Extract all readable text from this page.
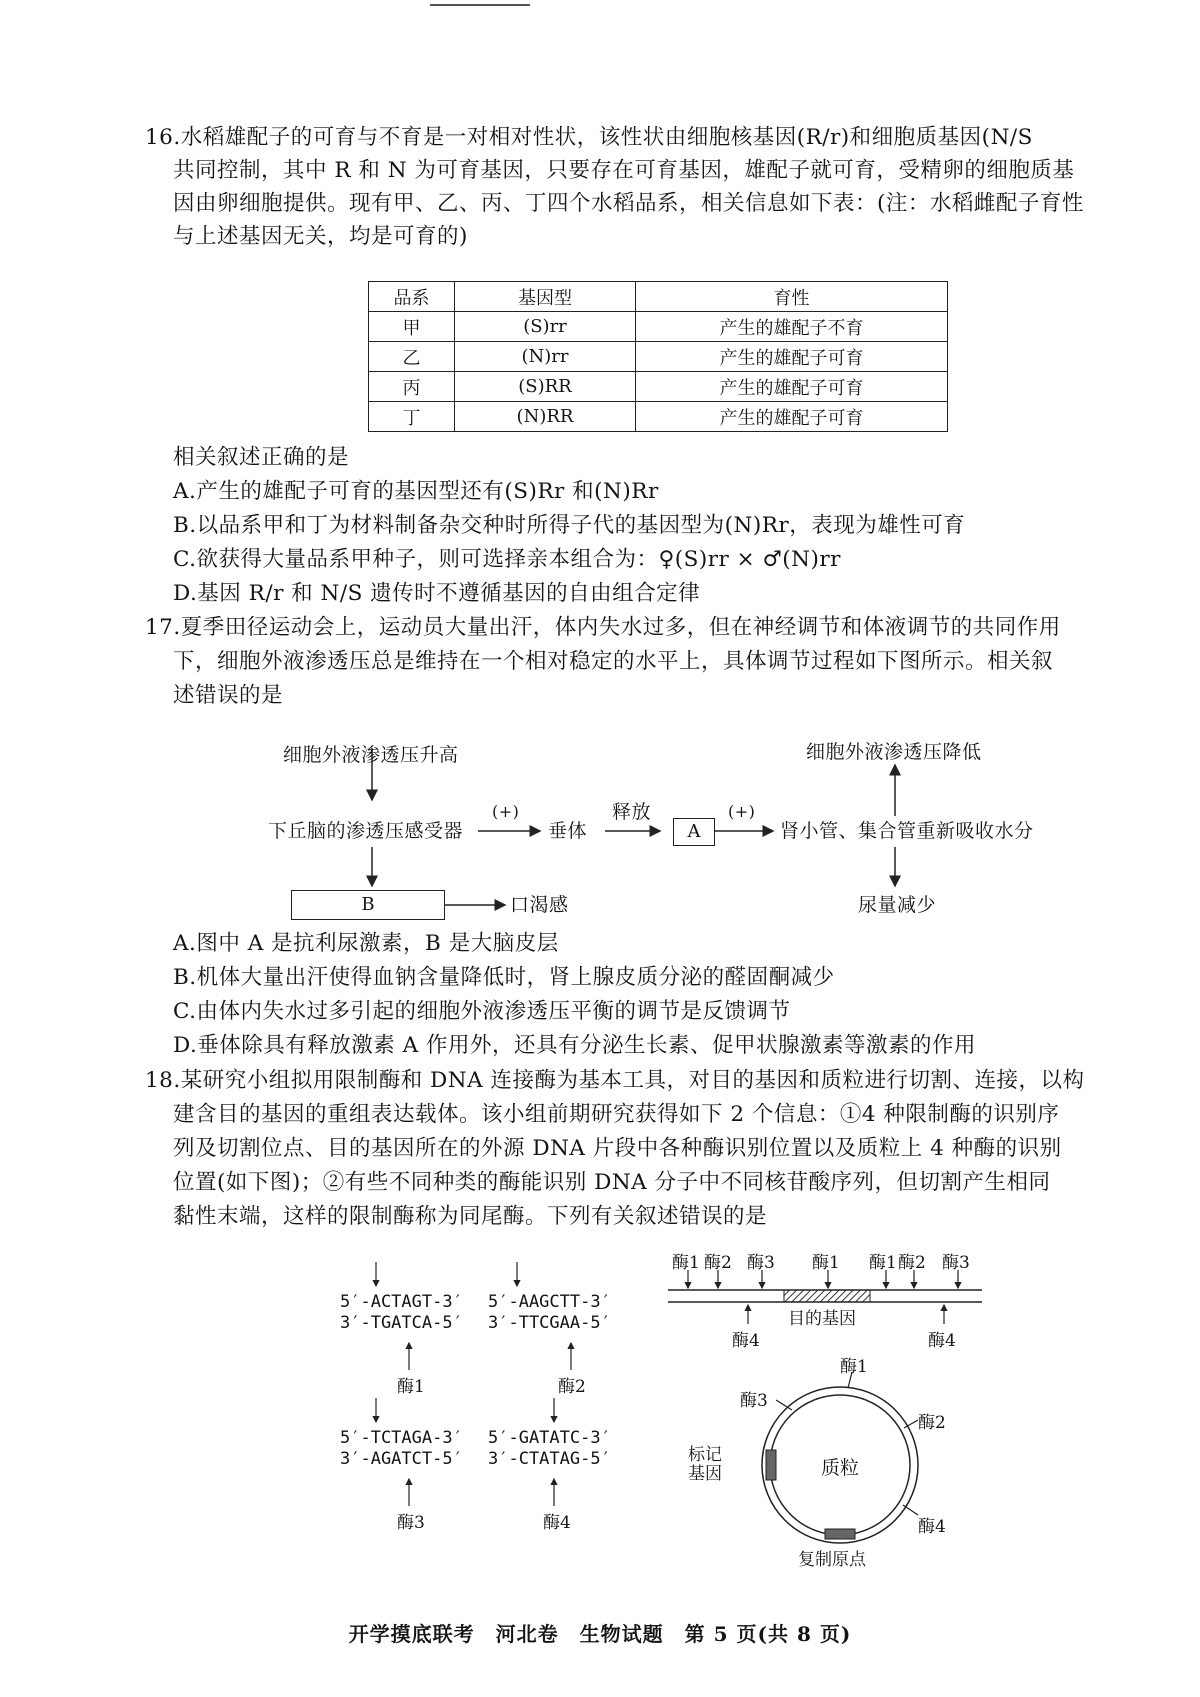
16.水稻雄配子的可育与不育是一对相对性状，该性状由细胞核基因(R/r)和细胞质基因(N/S
共同控制，其中 R 和 N 为可育基因，只要存在可育基因，雄配子就可育，受精卵的细胞质基
因由卵细胞提供。现有甲、乙、丙、丁四个水稻品系，相关信息如下表：(注：水稻雌配子育性
与上述基因无关，均是可育的)
品系	基因型	育性
甲	(S)rr	产生的雄配子不育
乙	(N)rr	产生的雄配子可育
丙	(S)RR	产生的雄配子可育
丁	(N)RR	产生的雄配子可育
相关叙述正确的是
A.产生的雄配子可育的基因型还有(S)Rr 和(N)Rr
B.以品系甲和丁为材料制备杂交种时所得子代的基因型为(N)Rr，表现为雄性可育
C.欲获得大量品系甲种子，则可选择亲本组合为：♀(S)rr × ♂(N)rr
D.基因 R/r 和 N/S 遗传时不遵循基因的自由组合定律
17.夏季田径运动会上，运动员大量出汗，体内失水过多，但在神经调节和体液调节的共同作用
下，细胞外液渗透压总是维持在一个相对稳定的水平上，具体调节过程如下图所示。相关叙
述错误的是
细胞外液渗透压升高
下丘脑的渗透压感受器
(+)
垂体
释放
A
(+)
肾小管、集合管重新吸收水分
细胞外液渗透压降低
B	口渴感	尿量减少
A.图中 A 是抗利尿激素，B 是大脑皮层
B.机体大量出汗使得血钠含量降低时，肾上腺皮质分泌的醛固酮减少
C.由体内失水过多引起的细胞外液渗透压平衡的调节是反馈调节
D.垂体除具有释放激素 A 作用外，还具有分泌生长素、促甲状腺激素等激素的作用
18.某研究小组拟用限制酶和 DNA 连接酶为基本工具，对目的基因和质粒进行切割、连接，以构
建含目的基因的重组表达载体。该小组前期研究获得如下 2 个信息：①4 种限制酶的识别序
列及切割位点、目的基因所在的外源 DNA 片段中各种酶识别位置以及质粒上 4 种酶的识别
位置(如下图)；②有些不同种类的酶能识别 DNA 分子中不同核苷酸序列，但切割产生相同
黏性末端，这样的限制酶称为同尾酶。下列有关叙述错误的是
5′-ACTAGT-3′
3′-TGATCA-5′
酶1
5′-AAGCTT-3′
3′-TTCGAA-5′
酶2
5′-TCTAGA-3′
3′-AGATCT-5′
酶3
5′-GATATC-3′
3′-CTATAG-5′
酶4
酶1 酶2 酶3 酶1 酶1 酶2 酶3
目的基因
酶4	酶4
质粒
酶1
酶3
酶2
酶4
标记基因
复制原点
开学摸底联考　河北卷　生物试题　第 5 页(共 8 页)
